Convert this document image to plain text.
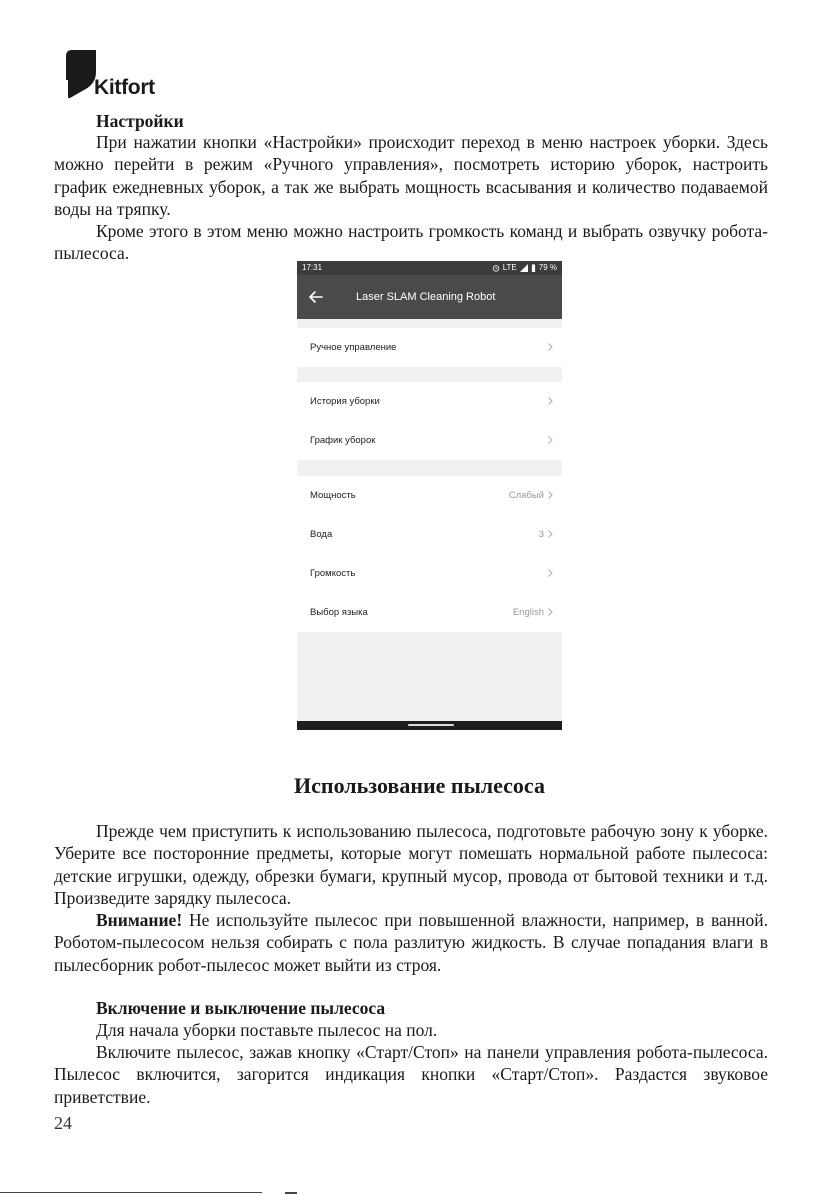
Kitfort
Настройки

При нажатии кнопки «Настройки» происходит переход в меню настроек уборки. Здесь можно перейти в режим «Ручного управления», посмотреть историю уборок, настроить график ежедневных уборок, а так же выбрать мощность всасывания и количество подаваемой воды на тряпку.

Кроме этого в этом меню можно настроить громкость команд и выбрать озвучку робота-пылесоса.

17:31	LTE	79 %
Laser SLAM Cleaning Robot
Ручное управление
История уборки
График уборок
Мощность	Слабый
Вода	3
Громкость
Выбор языка	English
Использование пылесоса

Прежде чем приступить к использованию пылесоса, подготовьте рабочую зону к уборке. Уберите все посторонние предметы, которые могут помешать нормальной работе пылесоса: детские игрушки, одежду, обрезки бумаги, крупный мусор, провода от бытовой техники и т.д. Произведите зарядку пылесоса.

Внимание! Не используйте пылесос при повышенной влажности, например, в ванной. Роботом-пылесосом нельзя собирать с пола разлитую жидкость. В случае попадания влаги в пылесборник робот-пылесос может выйти из строя.

Включение и выключение пылесоса

Для начала уборки поставьте пылесос на пол.

Включите пылесос, зажав кнопку «Старт/Стоп» на панели управления робота-пылесоса. Пылесос включится, загорится индикация кнопки «Старт/Стоп». Раздастся звуковое приветствие.

24
